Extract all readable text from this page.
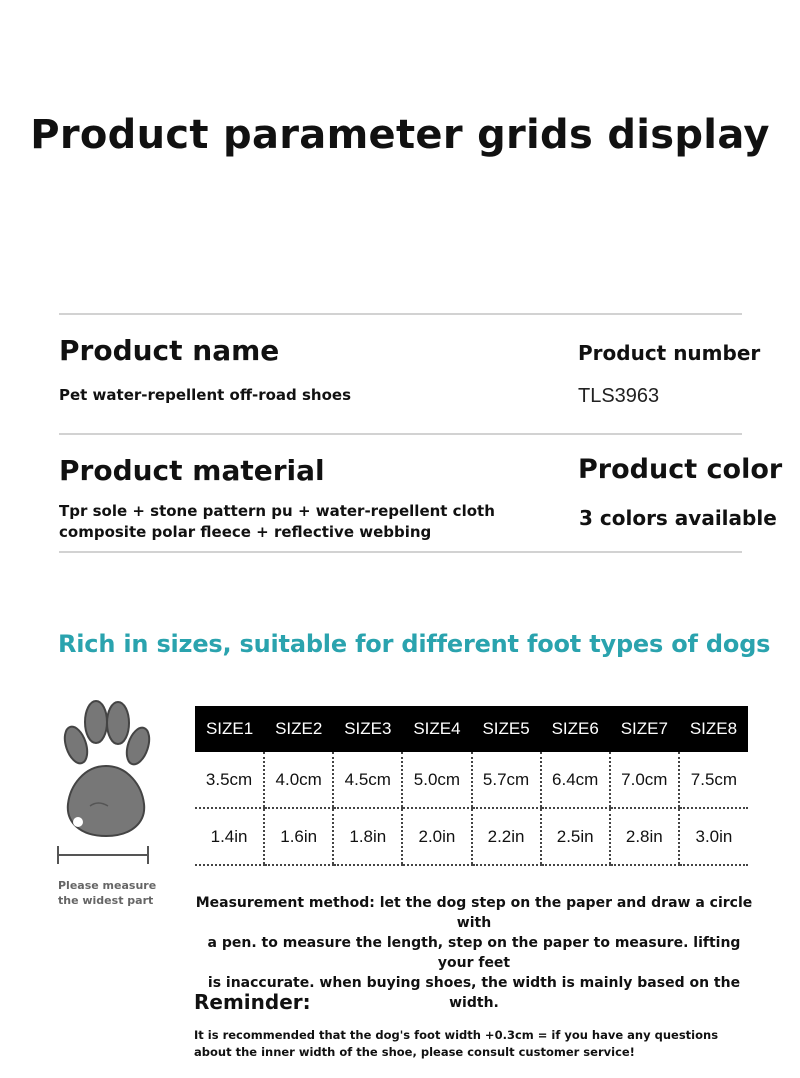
Product parameter grids display
Product name
Pet water-repellent off-road shoes
Product number
TLS3963
Product material
Tpr sole + stone pattern pu + water-repellent cloth
composite polar fleece + reflective webbing
Product color
3 colors available
Rich in sizes, suitable for different foot types of dogs
Please measure
the widest part
SIZE1	SIZE2	SIZE3	SIZE4	SIZE5	SIZE6	SIZE7	SIZE8
3.5cm	4.0cm	4.5cm	5.0cm	5.7cm	6.4cm	7.0cm	7.5cm
1.4in	1.6in	1.8in	2.0in	2.2in	2.5in	2.8in	3.0in
Measurement method: let the dog step on the paper and draw a circle with
a pen. to measure the length, step on the paper to measure. lifting your feet
is inaccurate. when buying shoes, the width is mainly based on the width.
Reminder:
It is recommended that the dog's foot width +0.3cm = if you have any questions
about the inner width of the shoe, please consult customer service!
